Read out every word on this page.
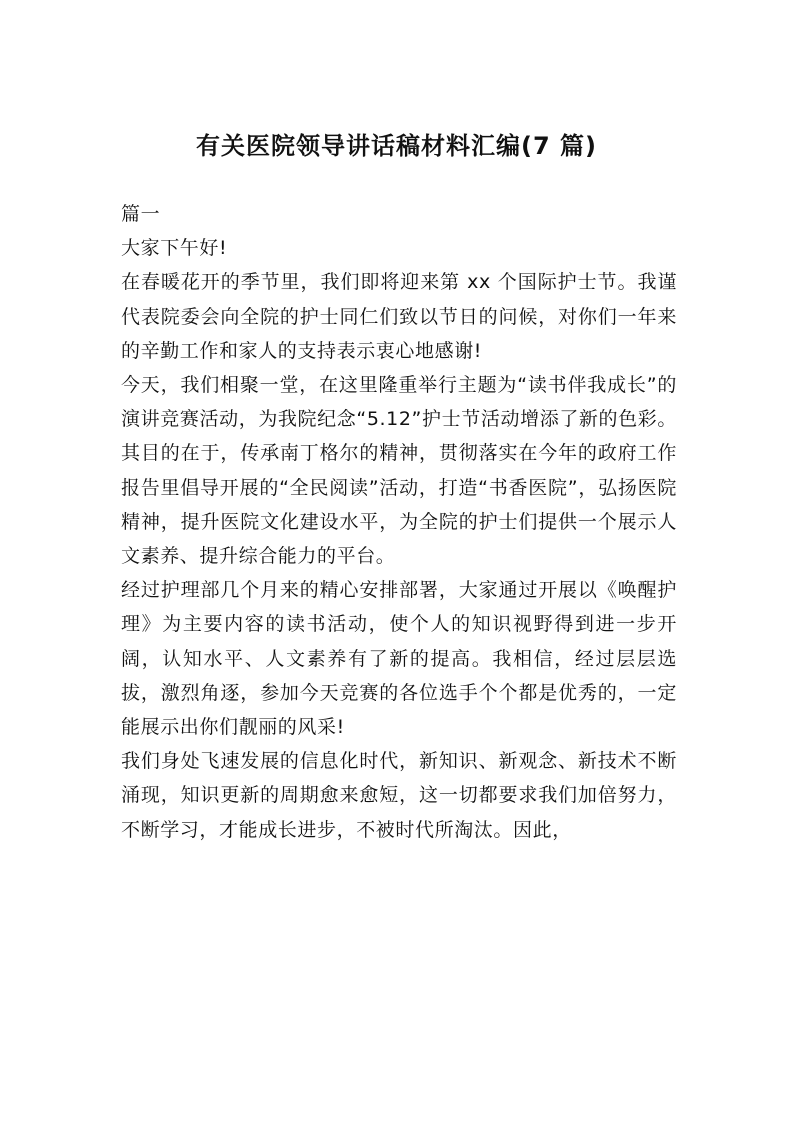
有关医院领导讲话稿材料汇编(7 篇)

篇一

大家下午好!

在春暖花开的季节里，我们即将迎来第 xx 个国际护士节。我谨代表院委会向全院的护士同仁们致以节日的问候，对你们一年来的辛勤工作和家人的支持表示衷心地感谢!

今天，我们相聚一堂，在这里隆重举行主题为“读书伴我成长”的演讲竞赛活动，为我院纪念“5.12”护士节活动增添了新的色彩。其目的在于，传承南丁格尔的精神，贯彻落实在今年的政府工作报告里倡导开展的“全民阅读”活动，打造“书香医院”，弘扬医院精神，提升医院文化建设水平，为全院的护士们提供一个展示人文素养、提升综合能力的平台。

经过护理部几个月来的精心安排部署，大家通过开展以《唤醒护理》为主要内容的读书活动，使个人的知识视野得到进一步开阔，认知水平、人文素养有了新的提高。我相信，经过层层选拔，激烈角逐，参加今天竞赛的各位选手个个都是优秀的，一定能展示出你们靓丽的风采!

我们身处飞速发展的信息化时代，新知识、新观念、新技术不断涌现，知识更新的周期愈来愈短，这一切都要求我们加倍努力，不断学习，才能成长进步，不被时代所淘汰。因此，
